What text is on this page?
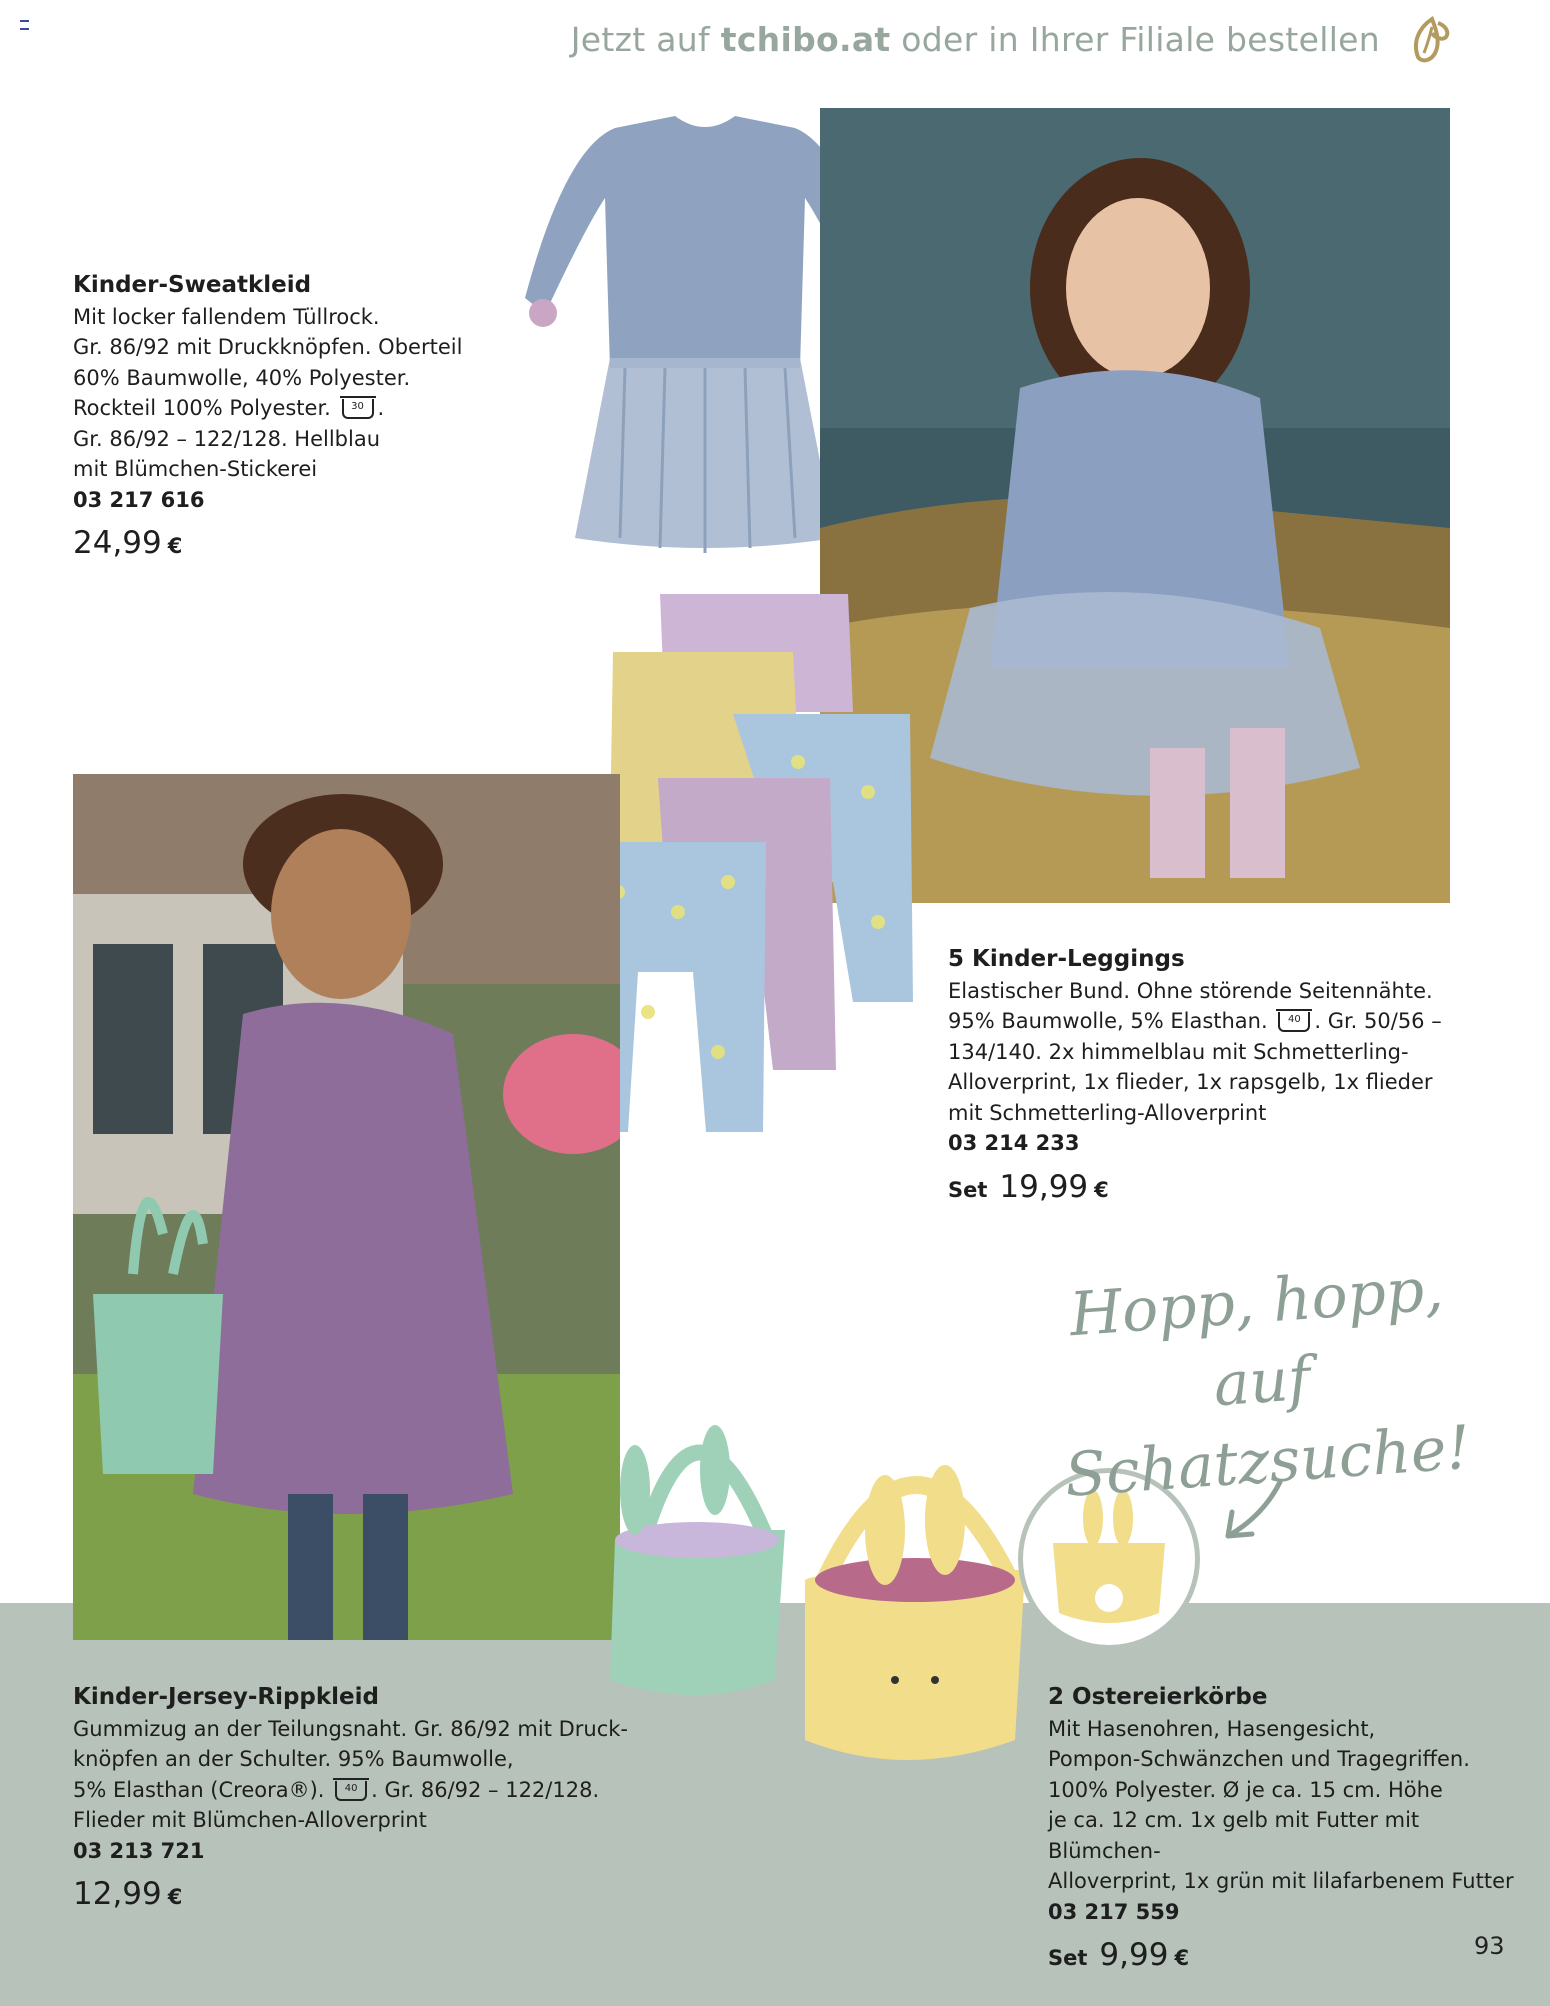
Jetzt auf tchibo.at oder in Ihrer Filiale bestellen
Hopp, hopp, auf
Schatzsuche!
Kinder-Sweatkleid
Mit locker fallendem Tüllrock.
Gr. 86/92 mit Druckknöpfen. Oberteil
60% Baumwolle, 40% Polyester.
Rockteil 100% Polyester. 30 .
Gr. 86/92 – 122/128. Hellblau
mit Blümchen-Stickerei
03 217 616
24,99 €
5 Kinder-Leggings
Elastischer Bund. Ohne störende Seitennähte.
95% Baumwolle, 5% Elasthan. 40 . Gr. 50/56 –
134/140. 2x himmelblau mit Schmetterling-
Alloverprint, 1x flieder, 1x rapsgelb, 1x flieder
mit Schmetterling-Alloverprint
03 214 233
Set 19,99 €
Kinder-Jersey-Rippkleid
Gummizug an der Teilungsnaht. Gr. 86/92 mit Druck-
knöpfen an der Schulter. 95% Baumwolle,
5% Elasthan (Creora®). 40 . Gr. 86/92 – 122/128.
Flieder mit Blümchen-Alloverprint
03 213 721
12,99 €
2 Ostereierkörbe
Mit Hasenohren, Hasengesicht,
Pompon-Schwänzchen und Tragegriffen.
100% Polyester. Ø je ca. 15 cm. Höhe
je ca. 12 cm. 1x gelb mit Futter mit Blümchen-
Alloverprint, 1x grün mit lilafarbenem Futter
03 217 559
Set 9,99 €	93
